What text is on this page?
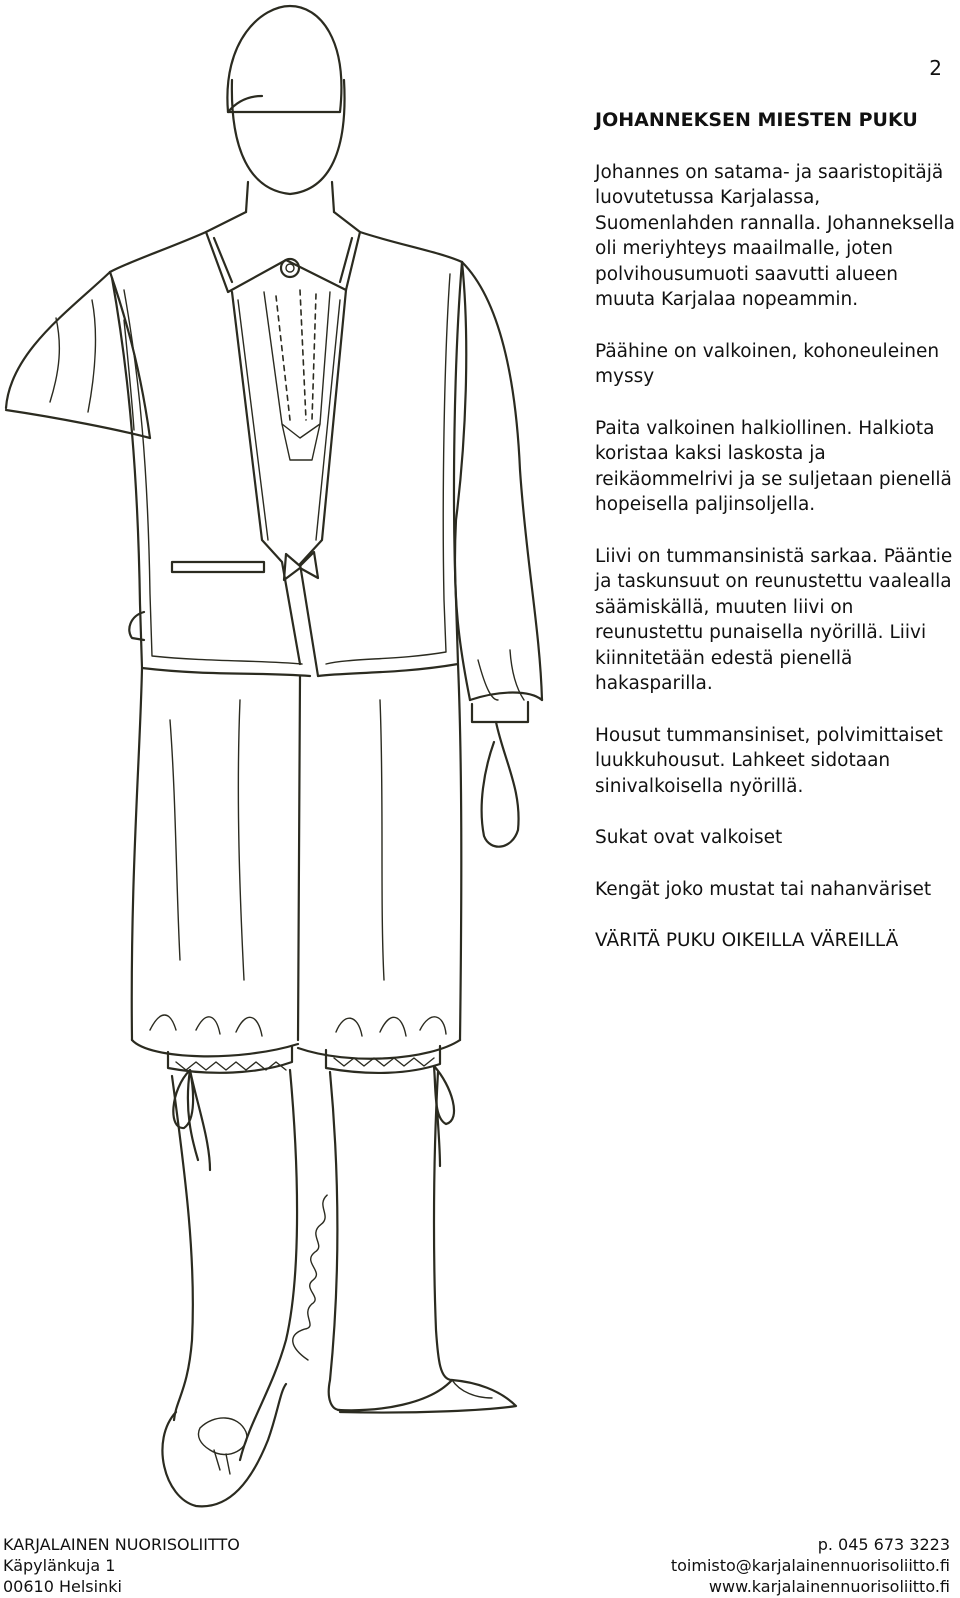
2
JOHANNEKSEN MIESTEN PUKU
Johannes on satama- ja saaristopitäjä luovutetussa Karjalassa, Suomenlahden rannalla. Johanneksella oli meriyhteys maailmalle, joten polvihousumuoti saavutti alueen muuta Karjalaa nopeammin.
Päähine on valkoinen, kohoneuleinen myssy
Paita valkoinen halkiollinen. Halkiota koristaa kaksi laskosta ja reikäommelrivi ja se suljetaan pienellä hopeisella paljinsoljella.
Liivi on tummansinistä sarkaa. Pääntie ja taskunsuut on reunustettu vaalealla säämiskällä, muuten liivi on reunustettu punaisella nyörillä. Liivi kiinnitetään edestä pienellä hakasparilla.
Housut tummansiniset, polvimittaiset luukkuhousut. Lahkeet sidotaan sinivalkoisella nyörillä.
Sukat ovat valkoiset
Kengät joko mustat tai nahanväriset
VÄRITÄ PUKU OIKEILLA VÄREILLÄ
KARJALAINEN NUORISOLIITTO
Käpylänkuja 1
00610 Helsinki
p. 045 673 3223
toimisto@karjalainennuorisoliitto.fi
www.karjalainennuorisoliitto.fi
